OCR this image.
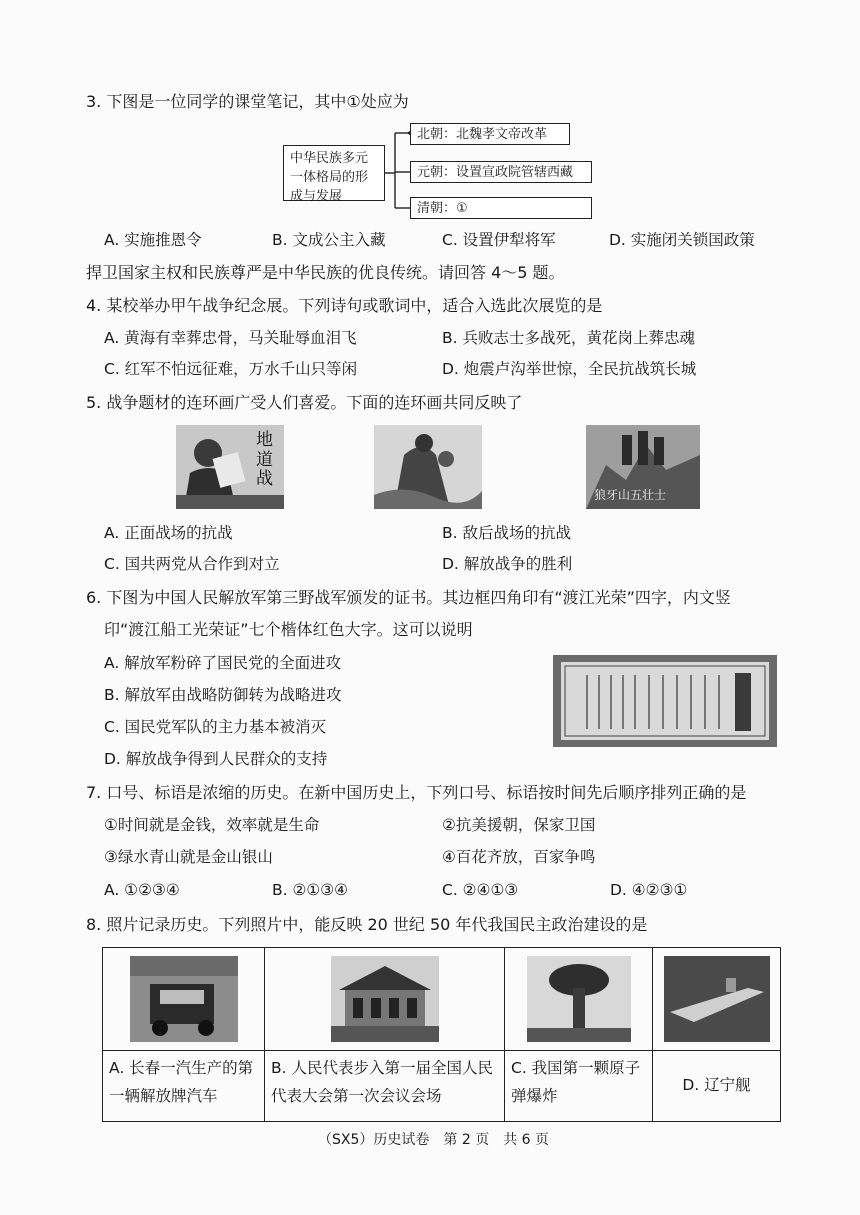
3. 下图是一位同学的课堂笔记，其中①处应为
中华民族多元一体格局的形成与发展
北朝：北魏孝文帝改革
元朝：设置宣政院管辖西藏
清朝：①
A. 实施推恩令	B. 文成公主入藏	C. 设置伊犁将军	D. 实施闭关锁国政策
捍卫国家主权和民族尊严是中华民族的优良传统。请回答 4～5 题。
4. 某校举办甲午战争纪念展。下列诗句或歌词中，适合入选此次展览的是
A. 黄海有幸葬忠骨，马关耻辱血泪飞	B. 兵败志士多战死，黄花岗上葬忠魂
C. 红军不怕远征难，万水千山只等闲	D. 炮震卢沟举世惊，全民抗战筑长城
5. 战争题材的连环画广受人们喜爱。下面的连环画共同反映了
地道战
狼牙山五壮士
A. 正面战场的抗战	B. 敌后战场的抗战
C. 国共两党从合作到对立	D. 解放战争的胜利
6. 下图为中国人民解放军第三野战军颁发的证书。其边框四角印有“渡江光荣”四字，内文竖
印“渡江船工光荣证”七个楷体红色大字。这可以说明
A. 解放军粉碎了国民党的全面进攻
B. 解放军由战略防御转为战略进攻
C. 国民党军队的主力基本被消灭
D. 解放战争得到人民群众的支持
7. 口号、标语是浓缩的历史。在新中国历史上，下列口号、标语按时间先后顺序排列正确的是
①时间就是金钱，效率就是生命	②抗美援朝，保家卫国
③绿水青山就是金山银山	④百花齐放，百家争鸣
A. ①②③④	B. ②①③④	C. ②④①③	D. ④②③①
8. 照片记录历史。下列照片中，能反映 20 世纪 50 年代我国民主政治建设的是

A. 长春一汽生产的第一辆解放牌汽车	B. 人民代表步入第一届全国人民代表大会第一次会议会场	C. 我国第一颗原子弹爆炸	D. 辽宁舰
（SX5）历史试卷　第 2 页　共 6 页
